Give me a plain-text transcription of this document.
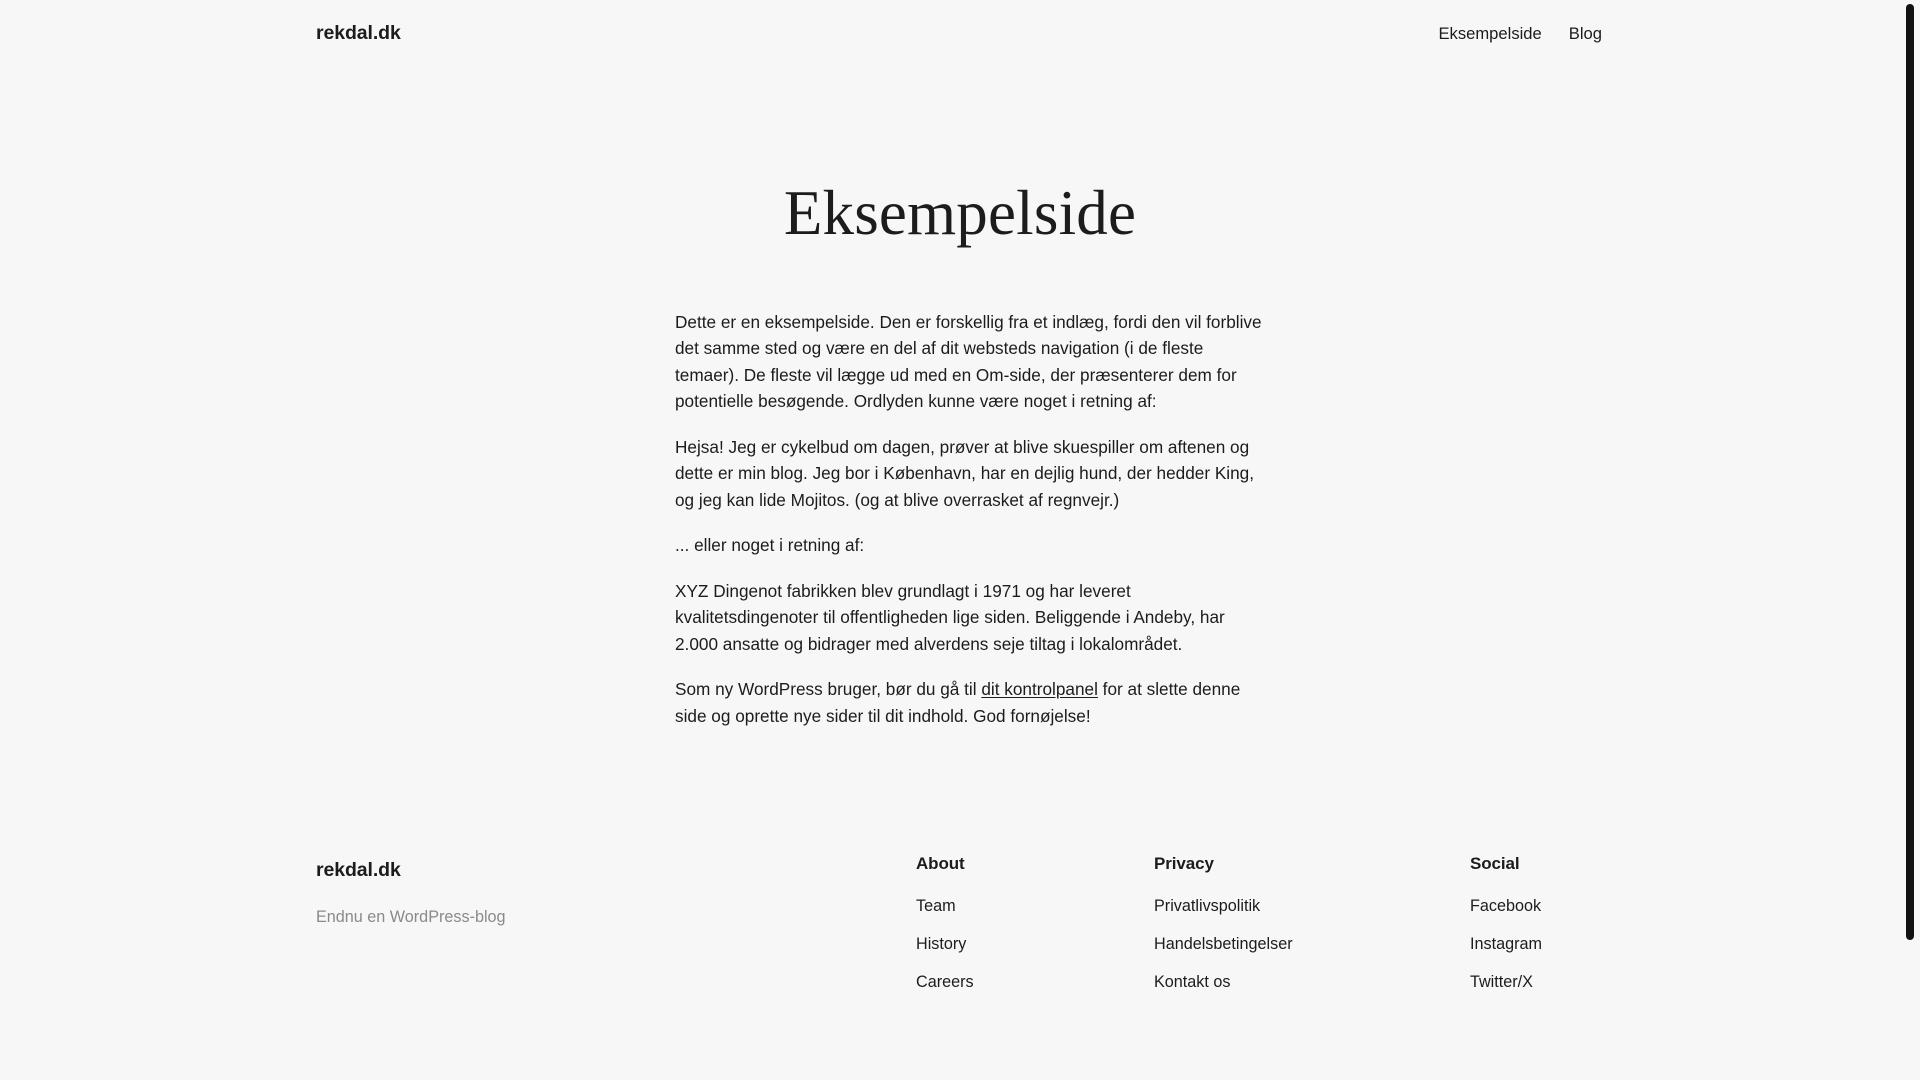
rekdal.dk	Eksempelside Blog
Eksempelside

Dette er en eksempelside. Den er forskellig fra et indlæg, fordi den vil forblive det samme sted og være en del af dit websteds navigation (i de fleste temaer). De fleste vil lægge ud med en Om-side, der præsenterer dem for potentielle besøgende. Ordlyden kunne være noget i retning af:

Hejsa! Jeg er cykelbud om dagen, prøver at blive skuespiller om aftenen og dette er min blog. Jeg bor i København, har en dejlig hund, der hedder King, og jeg kan lide Mojitos. (og at blive overrasket af regnvejr.)

... eller noget i retning af:

XYZ Dingenot fabrikken blev grundlagt i 1971 og har leveret kvalitetsdingenoter til offentligheden lige siden. Beliggende i Andeby, har 2.000 ansatte og bidrager med alverdens seje tiltag i lokalområdet.

Som ny WordPress bruger, bør du gå til dit kontrolpanel for at slette denne side og oprette nye sider til dit indhold. God fornøjelse!

rekdal.dk
Endnu en WordPress-blog
About
Team
History
Careers
Privacy
Privatlivspolitik
Handelsbetingelser
Kontakt os
Social
Facebook
Instagram
Twitter/X
